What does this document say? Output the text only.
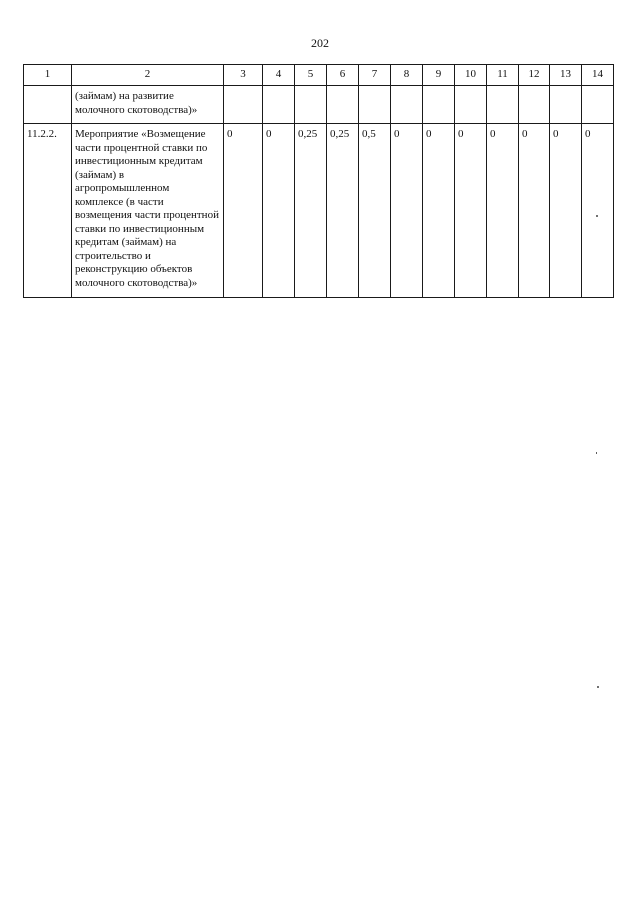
202
1	2	3	4	5	6	7	8	9	10	11	12	13	14
	(займам) на развитие молочного скотоводства)»												
11.2.2.	Мероприятие «Возмещение части процентной ставки по инвестиционным кредитам (займам) в агропромышленном комплексе (в части возмещения части процентной ставки по инвестиционным кредитам (займам) на строительство и реконструкцию объектов молочного скотоводства)»	0	0	0,25	0,25	0,5	0	0	0	0	0	0	0
